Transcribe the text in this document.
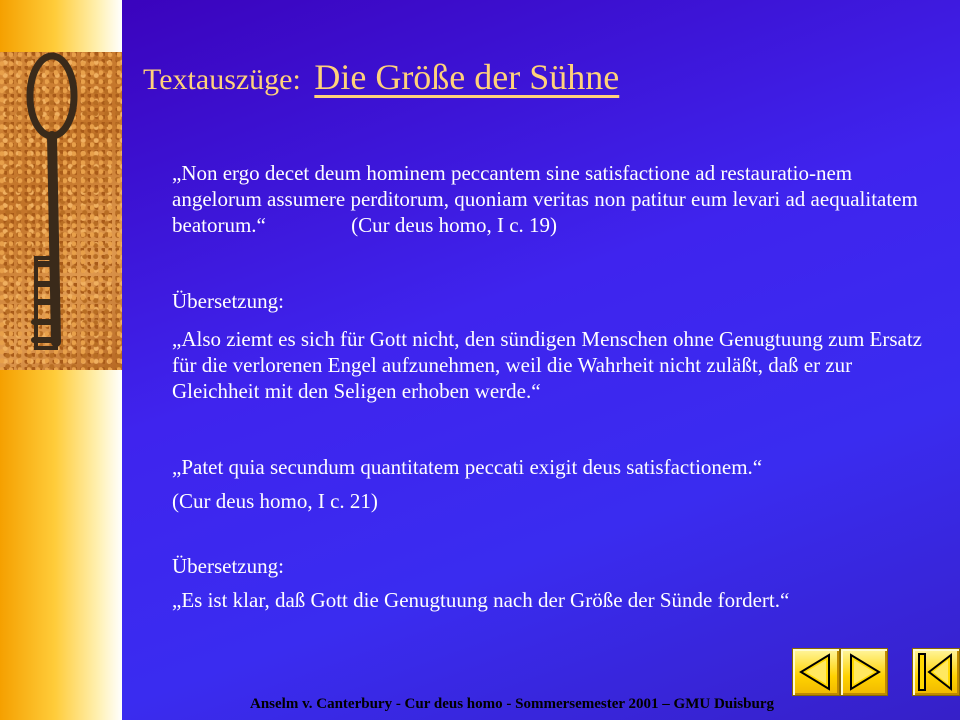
Textauszüge: Die Größe der Sühne

„Non ergo decet deum hominem peccantem sine satisfactione ad restauratio-nem angelorum assumere perditorum, quoniam veritas non patitur eum levari ad aequalitatem beatorum.“	(Cur deus homo, I c. 19)

Übersetzung:

„Also ziemt es sich für Gott nicht, den sündigen Menschen ohne Genugtuung zum Ersatz für die verlorenen Engel aufzunehmen, weil die Wahrheit nicht zuläßt, daß er zur Gleichheit mit den Seligen erhoben werde.“

„Patet quia secundum quantitatem peccati exigit deus satisfactionem.“

(Cur deus homo, I c. 21)

Übersetzung:

„Es ist klar, daß Gott die Genugtuung nach der Größe der Sünde fordert.“

Anselm v. Canterbury - Cur deus homo - Sommersemester 2001 – GMU Duisburg
